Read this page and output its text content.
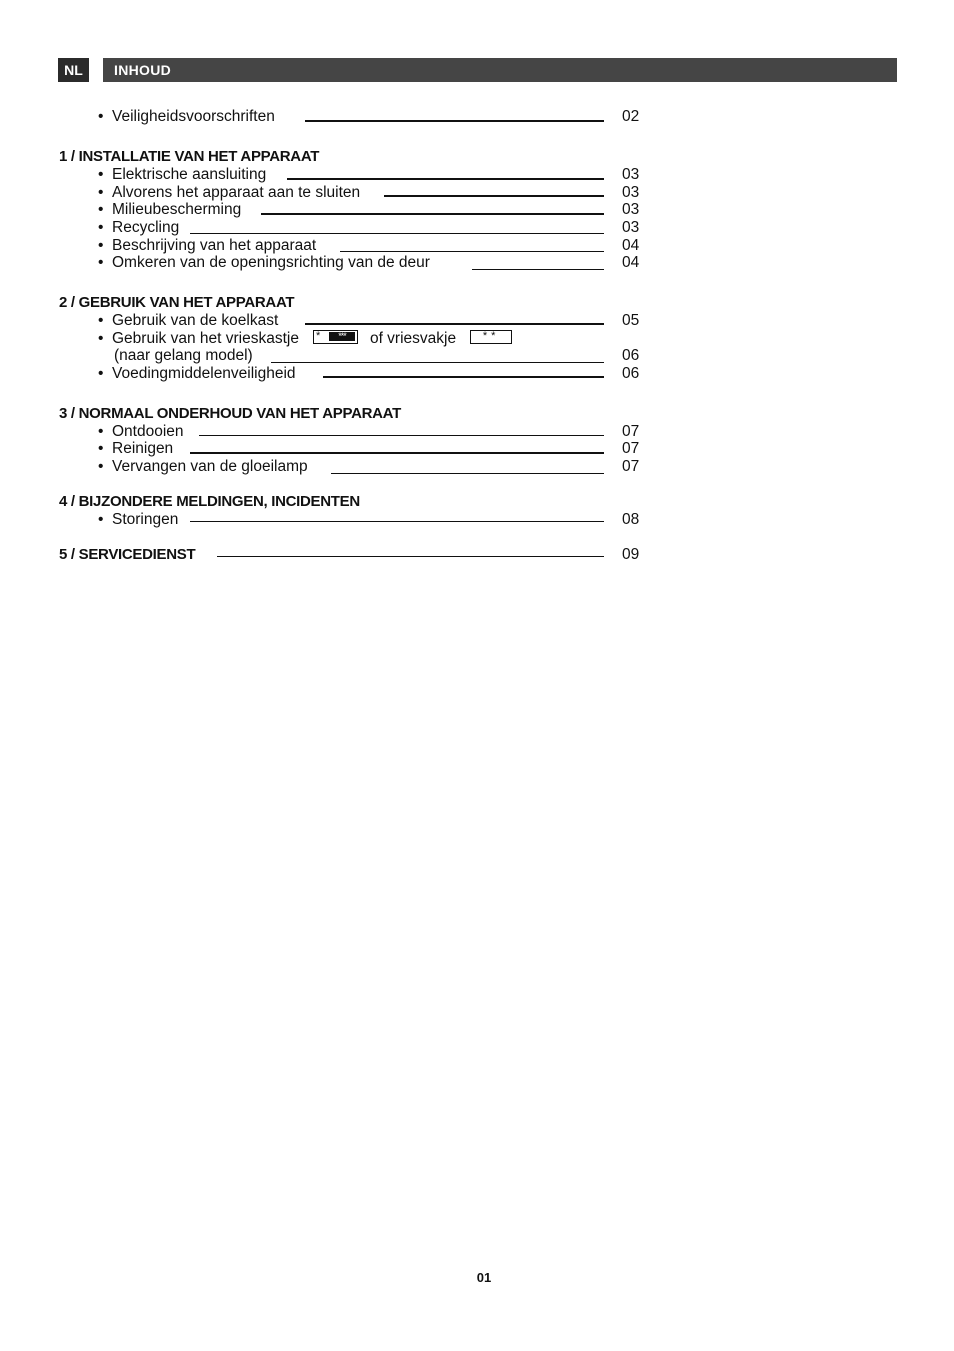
NL	INHOUD
• Veiligheidsvoorschriften	02
1 / INSTALLATIE VAN HET APPARAAT
• Elektrische aansluiting	03
• Alvorens het apparaat aan te sluiten	03
• Milieubescherming	03
• Recycling	03
• Beschrijving van het apparaat	04
• Omkeren van de openingsrichting van de deur	04
2 / GEBRUIK VAN HET APPARAAT
• Gebruik van de koelkast	05
• Gebruik van het vrieskastje *	***	of vriesvakje **
(naar gelang model)	06
• Voedingmiddelenveiligheid	06
3 / NORMAAL ONDERHOUD VAN HET APPARAAT
• Ontdooien	07
• Reinigen	07
• Vervangen van de gloeilamp	07
4 / BIJZONDERE MELDINGEN, INCIDENTEN
• Storingen	08
5 / SERVICEDIENST	09
01
